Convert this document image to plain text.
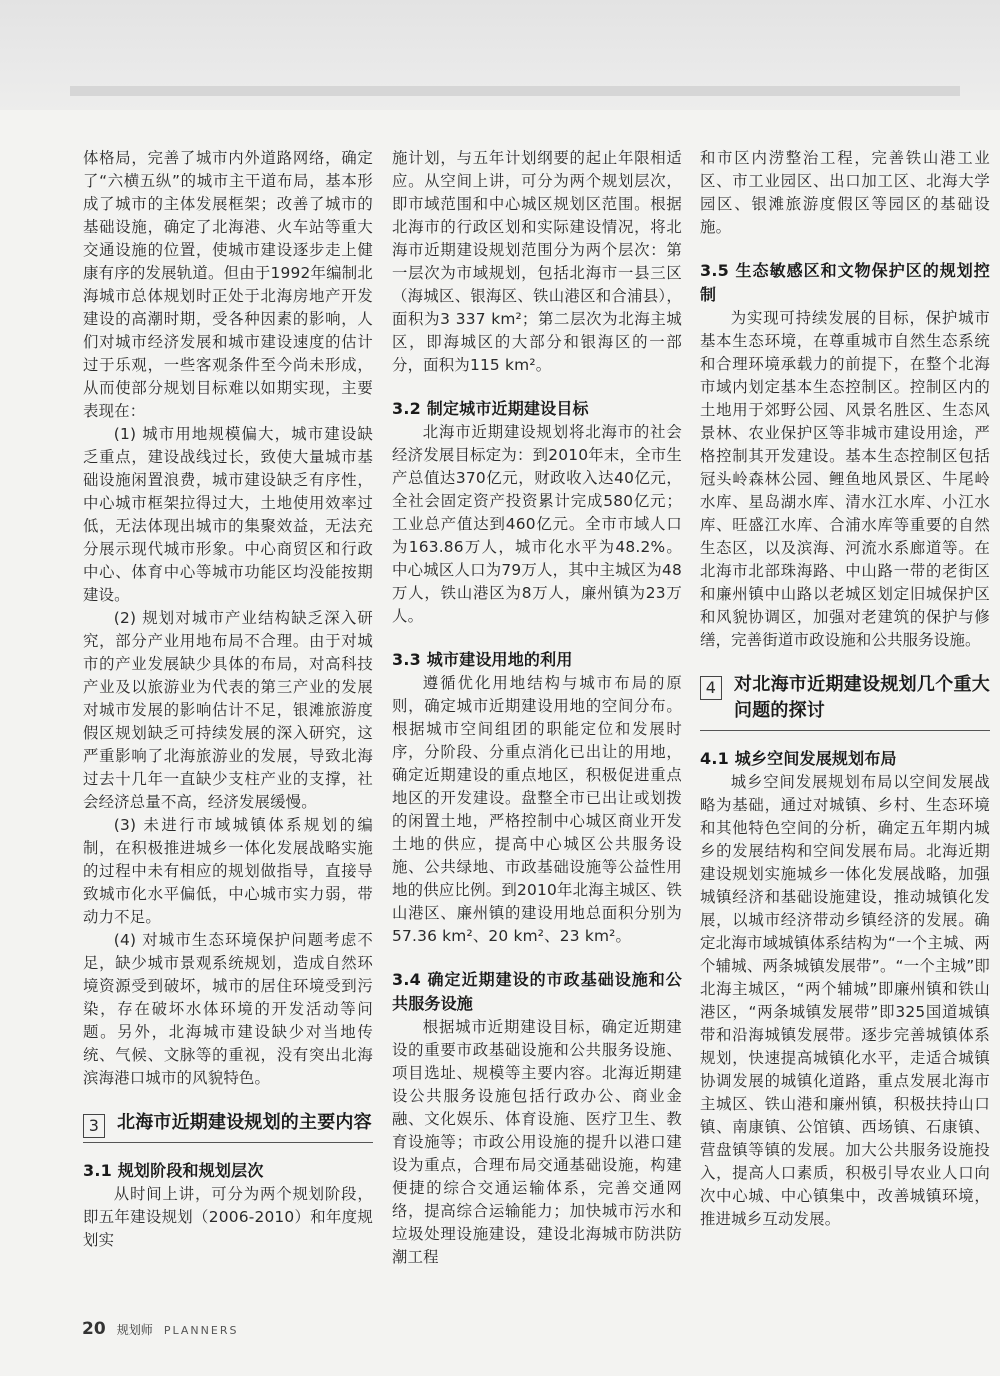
体格局，完善了城市内外道路网络，确定了“六横五纵”的城市主干道布局，基本形成了城市的主体发展框架；改善了城市的基础设施，确定了北海港、火车站等重大交通设施的位置，使城市建设逐步走上健康有序的发展轨道。但由于1992年编制北海城市总体规划时正处于北海房地产开发建设的高潮时期，受各种因素的影响，人们对城市经济发展和城市建设速度的估计过于乐观，一些客观条件至今尚未形成，从而使部分规划目标难以如期实现，主要表现在：

(1) 城市用地规模偏大，城市建设缺乏重点，建设战线过长，致使大量城市基础设施闲置浪费，城市建设缺乏有序性，中心城市框架拉得过大，土地使用效率过低，无法体现出城市的集聚效益，无法充分展示现代城市形象。中心商贸区和行政中心、体育中心等城市功能区均没能按期建设。

(2) 规划对城市产业结构缺乏深入研究，部分产业用地布局不合理。由于对城市的产业发展缺少具体的布局，对高科技产业及以旅游业为代表的第三产业的发展对城市发展的影响估计不足，银滩旅游度假区规划缺乏可持续发展的深入研究，这严重影响了北海旅游业的发展，导致北海过去十几年一直缺少支柱产业的支撑，社会经济总量不高，经济发展缓慢。

(3) 未进行市域城镇体系规划的编制，在积极推进城乡一体化发展战略实施的过程中未有相应的规划做指导，直接导致城市化水平偏低，中心城市实力弱，带动力不足。

(4) 对城市生态环境保护问题考虑不足，缺少城市景观系统规划，造成自然环境资源受到破坏，城市的居住环境受到污染，存在破坏水体环境的开发活动等问题。另外，北海城市建设缺少对当地传统、气候、文脉等的重视，没有突出北海滨海港口城市的风貌特色。

3 北海市近期建设规划的主要内容
3.1 规划阶段和规划层次

从时间上讲，可分为两个规划阶段，即五年建设规划（2006-2010）和年度规划实

施计划，与五年计划纲要的起止年限相适应。从空间上讲，可分为两个规划层次，即市域范围和中心城区规划区范围。根据北海市的行政区划和实际建设情况，将北海市近期建设规划范围分为两个层次：第一层次为市域规划，包括北海市一县三区（海城区、银海区、铁山港区和合浦县），面积为3 337 km²；第二层次为北海主城区，即海城区的大部分和银海区的一部分，面积为115 km²。

3.2 制定城市近期建设目标

北海市近期建设规划将北海市的社会经济发展目标定为：到2010年末，全市生产总值达370亿元，财政收入达40亿元，全社会固定资产投资累计完成580亿元；工业总产值达到460亿元。全市市域人口为163.86万人，城市化水平为48.2%。中心城区人口为79万人，其中主城区为48万人，铁山港区为8万人，廉州镇为23万人。

3.3 城市建设用地的利用

遵循优化用地结构与城市布局的原则，确定城市近期建设用地的空间分布。根据城市空间组团的职能定位和发展时序，分阶段、分重点消化已出让的用地，确定近期建设的重点地区，积极促进重点地区的开发建设。盘整全市已出让或划拨的闲置土地，严格控制中心城区商业开发土地的供应，提高中心城区公共服务设施、公共绿地、市政基础设施等公益性用地的供应比例。到2010年北海主城区、铁山港区、廉州镇的建设用地总面积分别为57.36 km²、20 km²、23 km²。

3.4 确定近期建设的市政基础设施和公共服务设施

根据城市近期建设目标，确定近期建设的重要市政基础设施和公共服务设施、项目选址、规模等主要内容。北海近期建设公共服务设施包括行政办公、商业金融、文化娱乐、体育设施、医疗卫生、教育设施等；市政公用设施的提升以港口建设为重点，合理布局交通基础设施，构建便捷的综合交通运输体系，完善交通网络，提高综合运输能力；加快城市污水和垃圾处理设施建设，建设北海城市防洪防潮工程

和市区内涝整治工程，完善铁山港工业区、市工业园区、出口加工区、北海大学园区、银滩旅游度假区等园区的基础设施。

3.5 生态敏感区和文物保护区的规划控制

为实现可持续发展的目标，保护城市基本生态环境，在尊重城市自然生态系统和合理环境承载力的前提下，在整个北海市域内划定基本生态控制区。控制区内的土地用于郊野公园、风景名胜区、生态风景林、农业保护区等非城市建设用途，严格控制其开发建设。基本生态控制区包括冠头岭森林公园、鲤鱼地风景区、牛尾岭水库、星岛湖水库、清水江水库、小江水库、旺盛江水库、合浦水库等重要的自然生态区，以及滨海、河流水系廊道等。在北海市北部珠海路、中山路一带的老街区和廉州镇中山路以老城区划定旧城保护区和风貌协调区，加强对老建筑的保护与修缮，完善街道市政设施和公共服务设施。

4 对北海市近期建设规划几个重大问题的探讨
4.1 城乡空间发展规划布局

城乡空间发展规划布局以空间发展战略为基础，通过对城镇、乡村、生态环境和其他特色空间的分析，确定五年期内城乡的发展结构和空间发展布局。北海近期建设规划实施城乡一体化发展战略，加强城镇经济和基础设施建设，推动城镇化发展，以城市经济带动乡镇经济的发展。确定北海市域城镇体系结构为“一个主城、两个辅城、两条城镇发展带”。“一个主城”即北海主城区，“两个辅城”即廉州镇和铁山港区，“两条城镇发展带”即325国道城镇带和沿海城镇发展带。逐步完善城镇体系规划，快速提高城镇化水平，走适合城镇协调发展的城镇化道路，重点发展北海市主城区、铁山港和廉州镇，积极扶持山口镇、南康镇、公馆镇、西场镇、石康镇、营盘镇等镇的发展。加大公共服务设施投入，提高人口素质，积极引导农业人口向次中心城、中心镇集中，改善城镇环境，推进城乡互动发展。

20 规划师 PLANNERS
